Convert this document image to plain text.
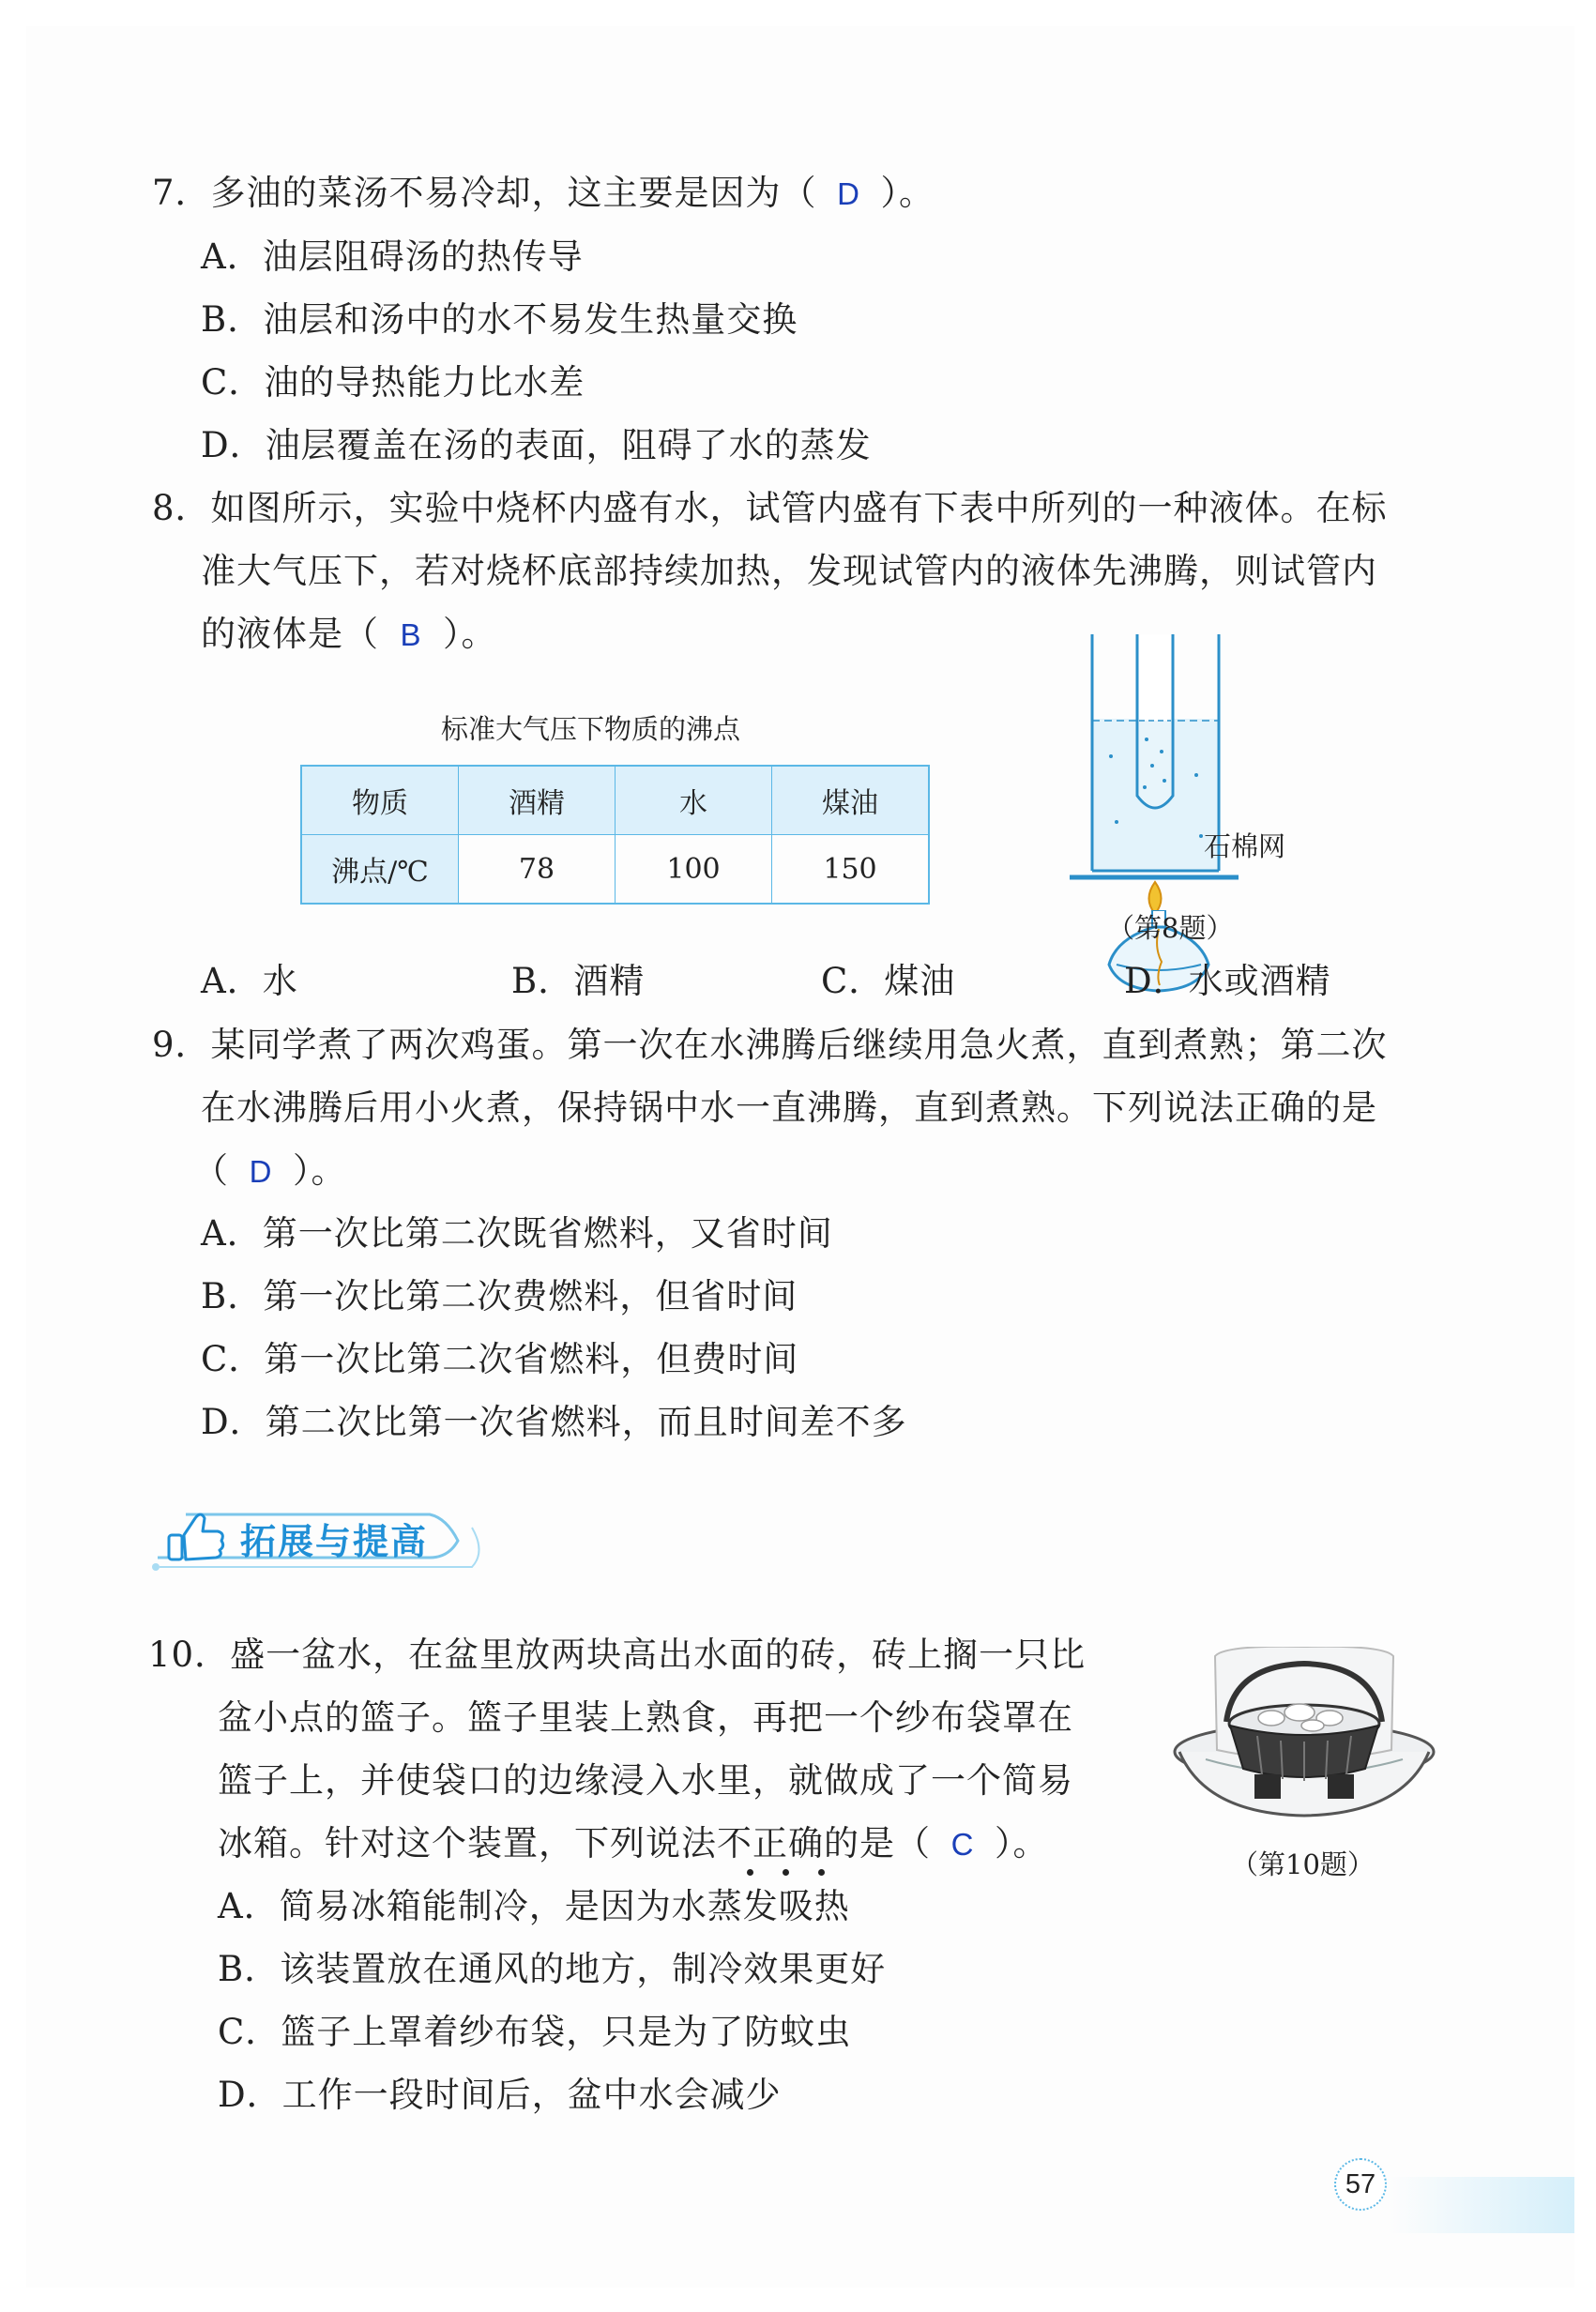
7．多油的菜汤不易冷却，这主要是因为（ D ）。
A．油层阻碍汤的热传导
B．油层和汤中的水不易发生热量交换
C．油的导热能力比水差
D．油层覆盖在汤的表面，阻碍了水的蒸发
8．如图所示，实验中烧杯内盛有水，试管内盛有下表中所列的一种液体。在标
准大气压下，若对烧杯底部持续加热，发现试管内的液体先沸腾，则试管内
的液体是（ B ）。
标准大气压下物质的沸点
物质	酒精	水	煤油
沸点/℃	78	100	150
石棉网
（第8题）
A．水	B．酒精	C．煤油	D．水或酒精
9．某同学煮了两次鸡蛋。第一次在水沸腾后继续用急火煮，直到煮熟；第二次
在水沸腾后用小火煮，保持锅中水一直沸腾，直到煮熟。下列说法正确的是
（ D ）。
A．第一次比第二次既省燃料，又省时间
B．第一次比第二次费燃料，但省时间
C．第一次比第二次省燃料，但费时间
D．第二次比第一次省燃料，而且时间差不多
拓展与提高
10．盛一盆水，在盆里放两块高出水面的砖，砖上搁一只比
盆小点的篮子。篮子里装上熟食，再把一个纱布袋罩在
篮子上，并使袋口的边缘浸入水里，就做成了一个简易
冰箱。针对这个装置，下列说法不正确的是（ C ）。
（第10题）
A．简易冰箱能制冷，是因为水蒸发吸热
B．该装置放在通风的地方，制冷效果更好
C．篮子上罩着纱布袋，只是为了防蚊虫
D．工作一段时间后，盆中水会减少
57
